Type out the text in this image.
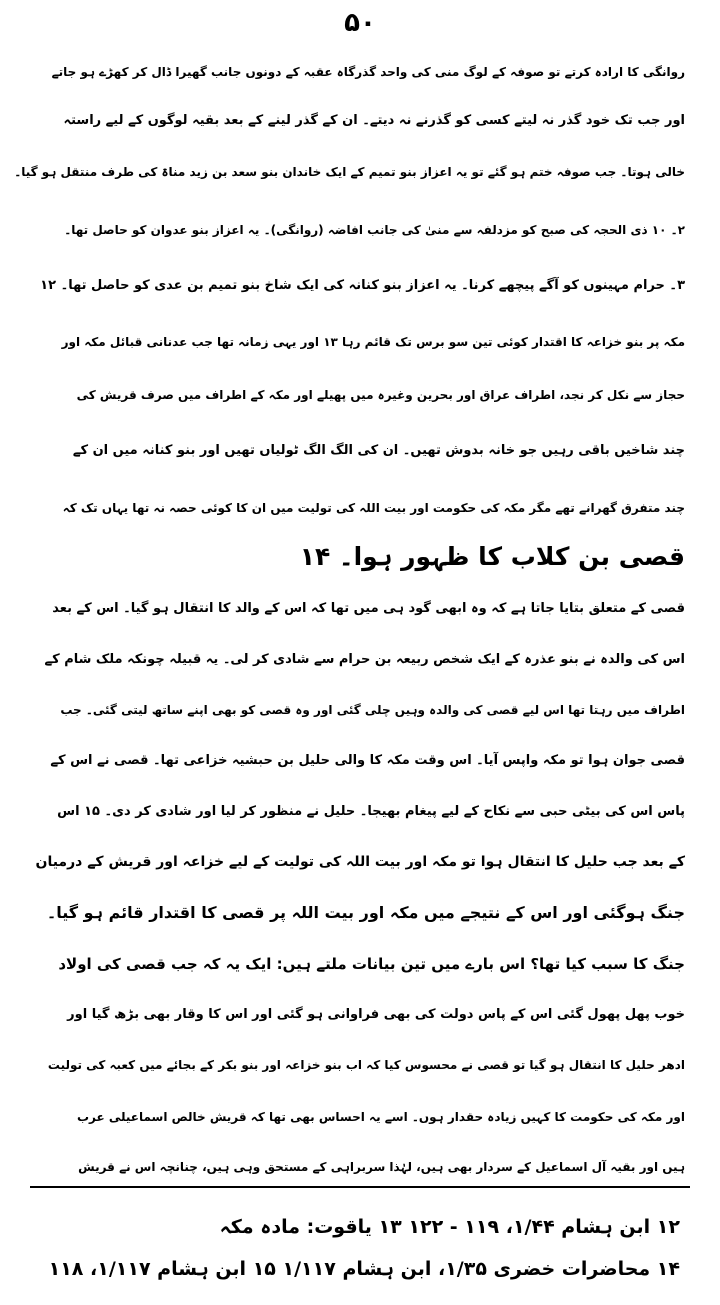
۵۰
روانگی کا ارادہ کرتے تو صوفہ کے لوگ منی کی واحد گذرگاہ عقبہ کے دونوں جانب گھیرا ڈال کر کھڑے ہو جاتے
اور جب تک خود گذر نہ لیتے کسی کو گذرنے نہ دیتے۔ ان کے گذر لینے کے بعد بقیہ لوگوں کے لیے راستہ
خالی ہوتا۔ جب صوفہ ختم ہو گئے تو یہ اعزاز بنو تمیم کے ایک خاندان بنو سعد بن زید مناۃ کی طرف منتقل ہو گیا۔
۲۔ ۱۰ ذی الحجہ کی صبح کو مزدلفہ سے منیٰ کی جانب افاضہ (روانگی)۔ یہ اعزاز بنو عدوان کو حاصل تھا۔
۳۔ حرام مہینوں کو آگے پیچھے کرنا۔ یہ اعزاز بنو کنانہ کی ایک شاخ بنو تمیم بن عدی کو حاصل تھا۔ ۱۲
مکہ پر بنو خزاعہ کا اقتدار کوئی تین سو برس تک قائم رہا ۱۳ اور یہی زمانہ تھا جب عدنانی قبائل مکہ اور
حجاز سے نکل کر نجد، اطراف عراق اور بحرین وغیرہ میں پھیلے اور مکہ کے اطراف میں صرف قریش کی
چند شاخیں باقی رہیں جو خانہ بدوش تھیں۔ ان کی الگ الگ ٹولیاں تھیں اور بنو کنانہ میں ان کے
چند متفرق گھرانے تھے مگر مکہ کی حکومت اور بیت اللہ کی تولیت میں ان کا کوئی حصہ نہ تھا یہاں تک کہ
قصی بن کلاب کا ظہور ہوا۔ ۱۴
قصی کے متعلق بتایا جاتا ہے کہ وہ ابھی گود ہی میں تھا کہ اس کے والد کا انتقال ہو گیا۔ اس کے بعد
اس کی والدہ نے بنو عذرہ کے ایک شخص ربیعہ بن حرام سے شادی کر لی۔ یہ قبیلہ چونکہ ملک شام کے
اطراف میں رہتا تھا اس لیے قصی کی والدہ وہیں چلی گئی اور وہ قصی کو بھی اپنے ساتھ لیتی گئی۔ جب
قصی جوان ہوا تو مکہ واپس آیا۔ اس وقت مکہ کا والی حلیل بن حبشیہ خزاعی تھا۔ قصی نے اس کے
پاس اس کی بیٹی حبی سے نکاح کے لیے پیغام بھیجا۔ حلیل نے منظور کر لیا اور شادی کر دی۔ ۱۵ اس
کے بعد جب حلیل کا انتقال ہوا تو مکہ اور بیت اللہ کی تولیت کے لیے خزاعہ اور قریش کے درمیان
جنگ ہوگئی اور اس کے نتیجے میں مکہ اور بیت اللہ پر قصی کا اقتدار قائم ہو گیا۔
جنگ کا سبب کیا تھا؟ اس بارے میں تین بیانات ملتے ہیں: ایک یہ کہ جب قصی کی اولاد
خوب پھل پھول گئی اس کے پاس دولت کی بھی فراوانی ہو گئی اور اس کا وقار بھی بڑھ گیا اور
ادھر حلیل کا انتقال ہو گیا تو قصی نے محسوس کیا کہ اب بنو خزاعہ اور بنو بکر کے بجائے میں کعبہ کی تولیت
اور مکہ کی حکومت کا کہیں زیادہ حقدار ہوں۔ اسے یہ احساس بھی تھا کہ قریش خالص اسماعیلی عرب
ہیں اور بقیہ آل اسماعیل کے سردار بھی ہیں، لہٰذا سربراہی کے مستحق وہی ہیں، چنانچہ اس نے قریش
۱۲ ابن ہشام ۱/۴۴، ۱۱۹ - ۱۲۲ ۱۳ یاقوت: مادہ مکہ
۱۴ محاضرات خضری ۱/۳۵، ابن ہشام ۱/۱۱۷ ۱۵ ابن ہشام ۱/۱۱۷، ۱۱۸
